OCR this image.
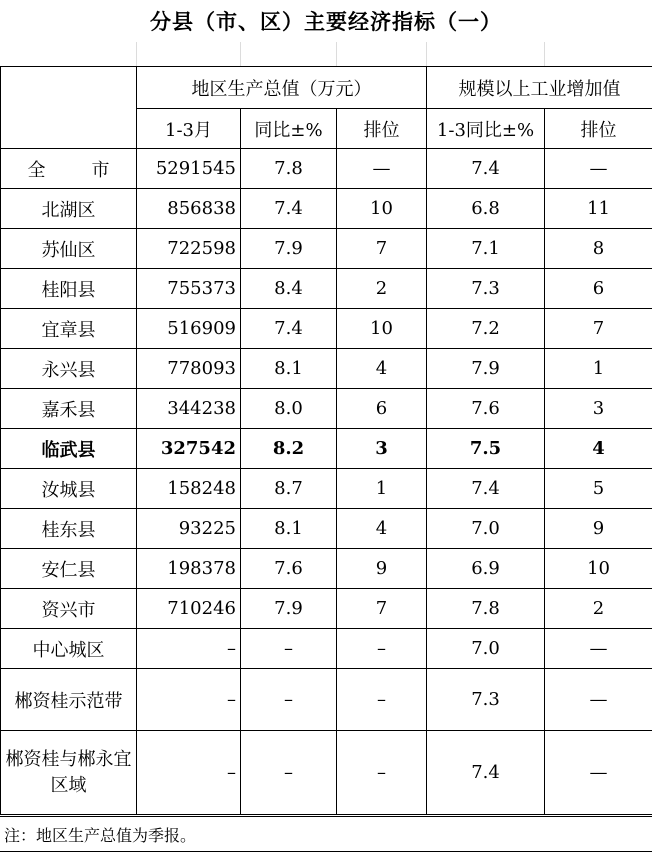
分县（市、区）主要经济指标（一）
	地区生产总值（万元）			规模以上工业增加值	
	1-3月	同比±%	排位	1-3同比±%	排位
全　市	5291545	7.8	—	7.4	—
北湖区	856838	7.4	10	6.8	11
苏仙区	722598	7.9	7	7.1	8
桂阳县	755373	8.4	2	7.3	6
宜章县	516909	7.4	10	7.2	7
永兴县	778093	8.1	4	7.9	1
嘉禾县	344238	8.0	6	7.6	3
临武县	327542	8.2	3	7.5	4
汝城县	158248	8.7	1	7.4	5
桂东县	93225	8.1	4	7.0	9
安仁县	198378	7.6	9	6.9	10
资兴市	710246	7.9	7	7.8	2
中心城区	–	–	–	7.0	—
郴资桂示范带	–	–	–	7.3	—
郴资桂与郴永宜区域	–	–	–	7.4	—
注：地区生产总值为季报。
